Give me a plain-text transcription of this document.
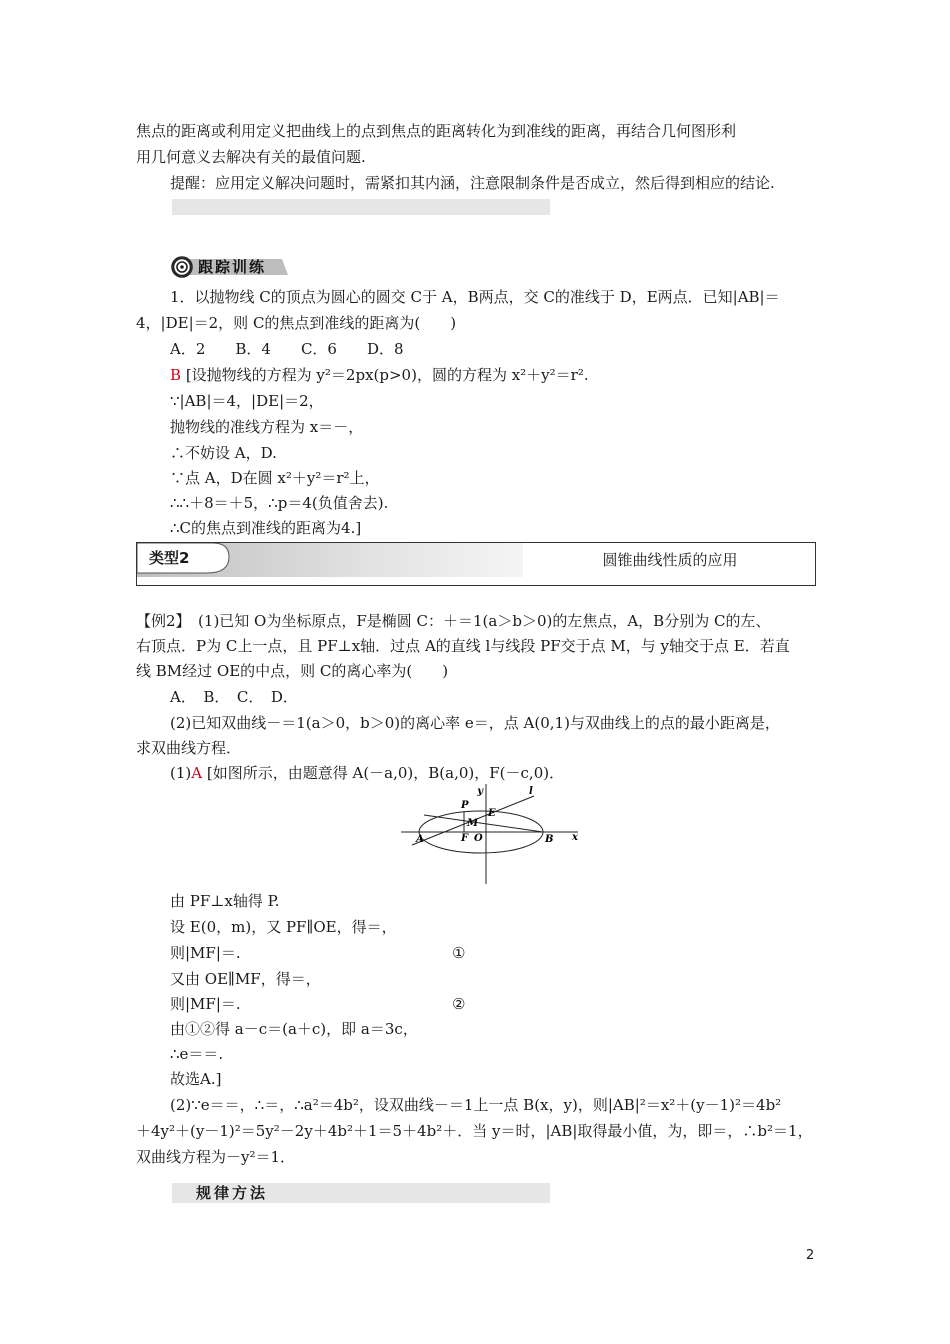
焦点的距离或利用定义把曲线上的点到焦点的距离转化为到准线的距离，再结合几何图形利
用几何意义去解决有关的最值问题.
提醒：应用定义解决问题时，需紧扣其内涵，注意限制条件是否成立，然后得到相应的结论.
跟踪训练
1．以抛物线 C的顶点为圆心的圆交 C于 A，B两点，交 C的准线于 D，E两点．已知|AB|＝
4，|DE|＝2，则 C的焦点到准线的距离为(　　)
A．2　　B．4　　C．6　　D．8
B [设抛物线的方程为 y²＝2px(p>0)，圆的方程为 x²＋y²＝r².
∵|AB|＝4，|DE|＝2，
抛物线的准线方程为 x＝－，
∴不妨设 A，D.
∵点 A，D在圆 x²＋y²＝r²上，
∴∴＋8＝＋5，∴p＝4(负值舍去).
∴C的焦点到准线的距离为4.]
类型2	圆锥曲线性质的应用
【例2】　(1)已知 O为坐标原点，F是椭圆 C：＋＝1(a＞b＞0)的左焦点，A，B分别为 C的左、
右顶点．P为 C上一点，且 PF⊥x轴．过点 A的直线 l与线段 PF交于点 M，与 y轴交于点 E．若直
线 BM经过 OE的中点，则 C的离心率为(　　)
A．　B．　C．　D．
(2)已知双曲线－＝1(a＞0，b＞0)的离心率 e＝，点 A(0,1)与双曲线上的点的最小距离是，
求双曲线方程．
(1)A [如图所示，由题意得 A(－a,0)，B(a,0)，F(－c,0)．
y	l
P
E
M
A	F O	B x
由 PF⊥x轴得 P.
设 E(0，m)，又 PF∥OE，得＝，
则|MF|＝.	①
又由 OE∥MF，得＝，
则|MF|＝.	②
由①②得 a－c＝(a＋c)，即 a＝3c，
∴e＝＝.
故选A.]
(2)∵e＝＝，∴＝，∴a²＝4b²，设双曲线－＝1上一点 B(x，y)，则|AB|²＝x²＋(y－1)²＝4b²
＋4y²＋(y－1)²＝5y²－2y＋4b²＋1＝5＋4b²＋．当 y＝时，|AB|取得最小值，为，即＝，∴b²＝1，
双曲线方程为－y²＝1．
规律方法
2
